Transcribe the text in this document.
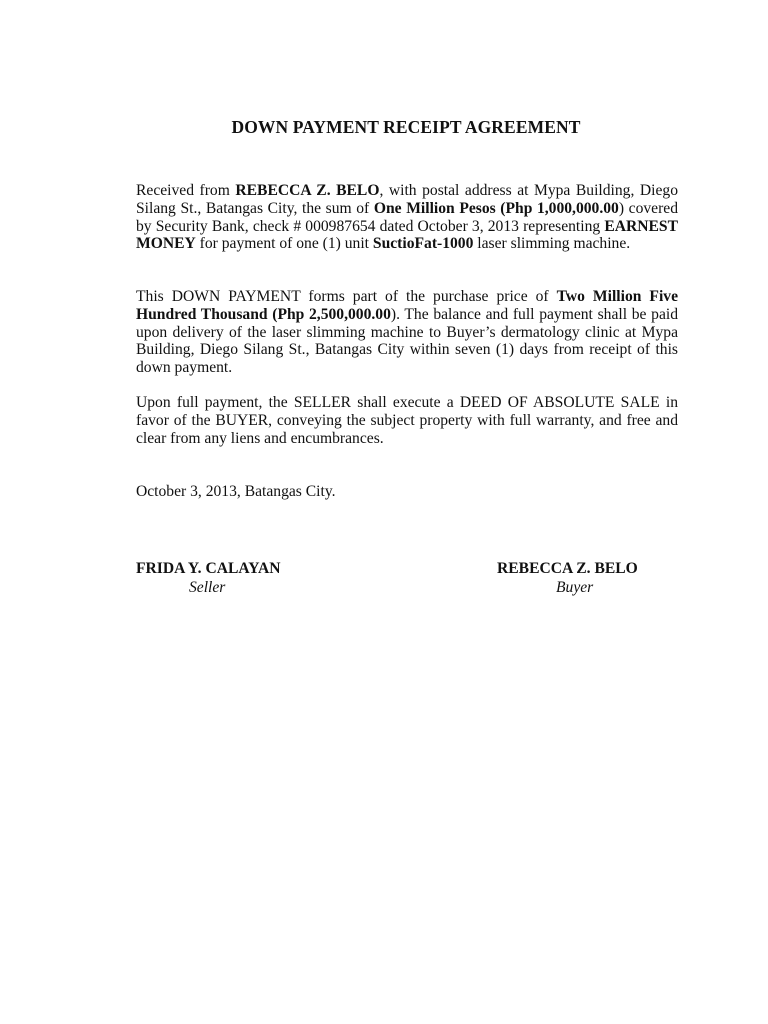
DOWN PAYMENT RECEIPT AGREEMENT

Received from REBECCA Z. BELO, with postal address at Mypa Building, Diego Silang St., Batangas City, the sum of One Million Pesos (Php 1,000,000.00) covered by Security Bank, check # 000987654 dated October 3, 2013 representing EARNEST MONEY for payment of one (1) unit SuctioFat-1000 laser slimming machine.

This DOWN PAYMENT forms part of the purchase price of Two Million Five Hundred Thousand (Php 2,500,000.00). The balance and full payment shall be paid upon delivery of the laser slimming machine to Buyer’s dermatology clinic at Mypa Building, Diego Silang St., Batangas City within seven (1) days from receipt of this down payment.

Upon full payment, the SELLER shall execute a DEED OF ABSOLUTE SALE in favor of the BUYER, conveying the subject property with full warranty, and free and clear from any liens and encumbrances.

October 3, 2013, Batangas City.
FRIDA Y. CALAYAN
Seller
REBECCA Z. BELO
Buyer
